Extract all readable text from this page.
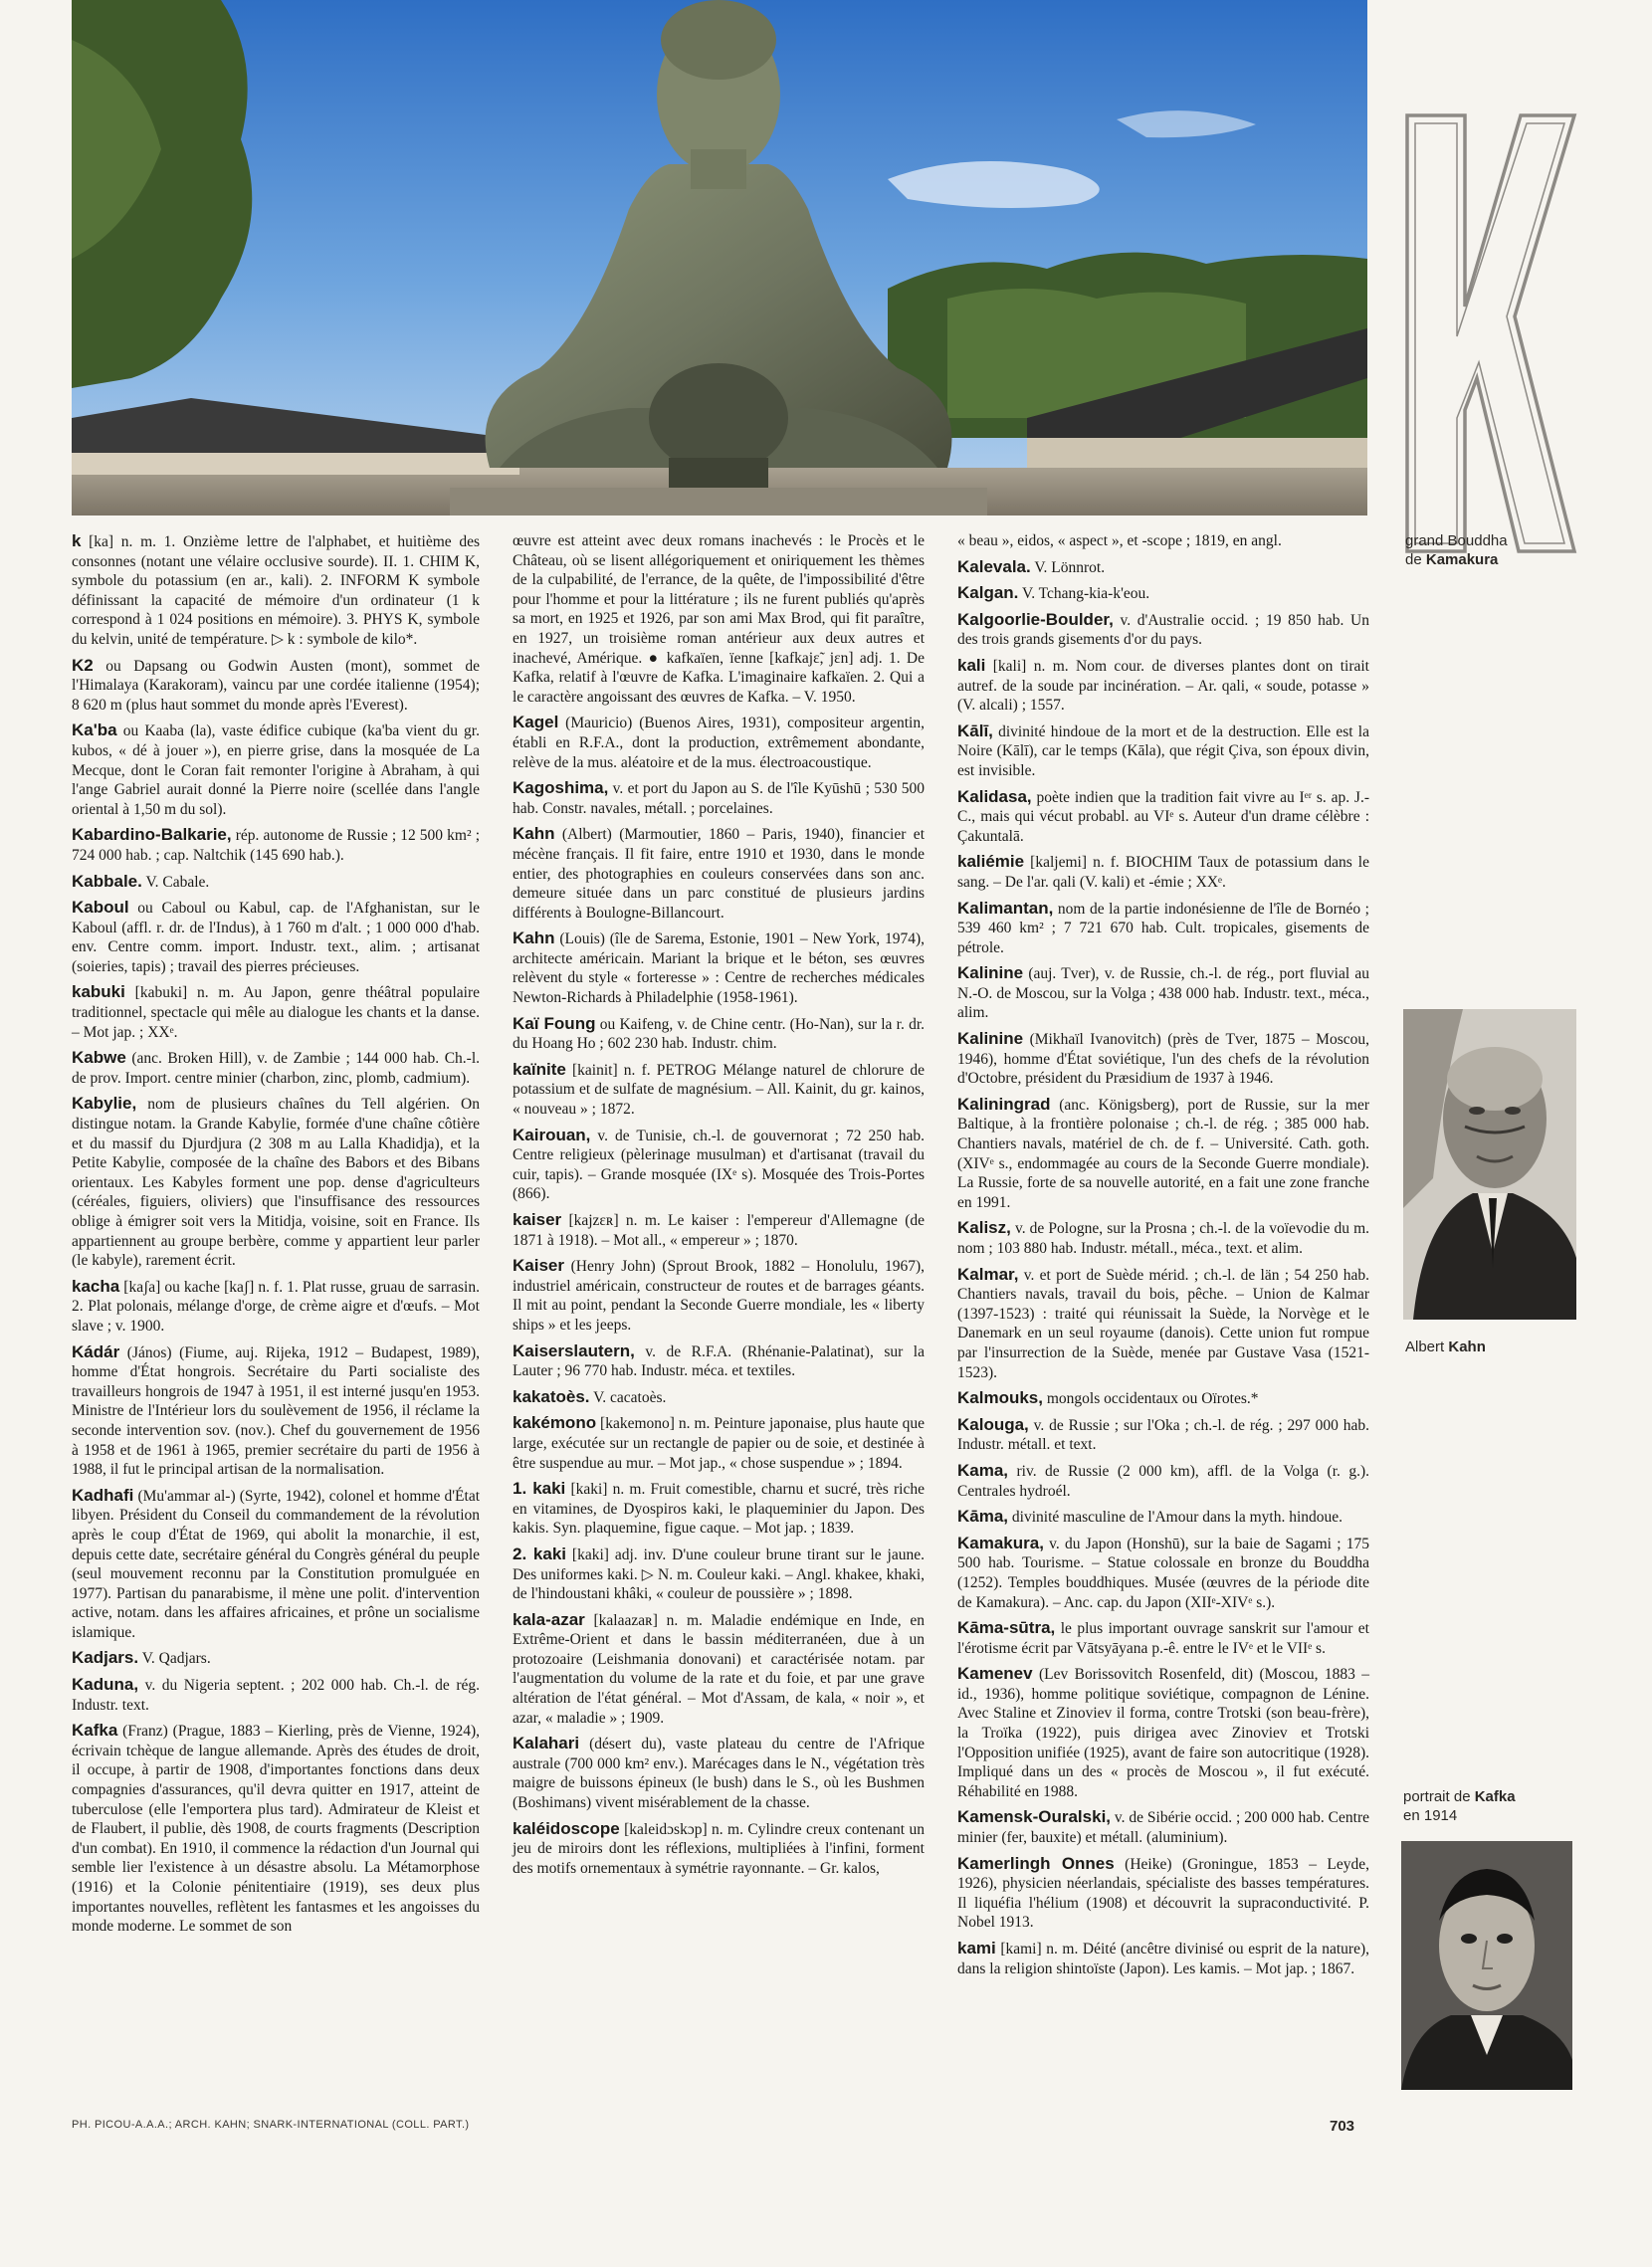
grand Bouddha
de Kamakura
Albert Kahn
portrait de Kafka
en 1914

k [ka] n. m. 1. Onzième lettre de l'alphabet, et huitième des consonnes (notant une vélaire occlusive sourde). II. 1. CHIM K, symbole du potassium (en ar., kali). 2. INFORM K symbole définissant la capacité de mémoire d'un ordinateur (1 k correspond à 1 024 positions en mémoire). 3. PHYS K, symbole du kelvin, unité de température. ▷ k : symbole de kilo*.

K2 ou Dapsang ou Godwin Austen (mont), sommet de l'Himalaya (Karakoram), vaincu par une cordée italienne (1954); 8 620 m (plus haut sommet du monde après l'Everest).

Ka'ba ou Kaaba (la), vaste édifice cubique (ka'ba vient du gr. kubos, « dé à jouer »), en pierre grise, dans la mosquée de La Mecque, dont le Coran fait remonter l'origine à Abraham, à qui l'ange Gabriel aurait donné la Pierre noire (scellée dans l'angle oriental à 1,50 m du sol).

Kabardino-Balkarie, rép. autonome de Russie ; 12 500 km² ; 724 000 hab. ; cap. Naltchik (145 690 hab.).

Kabbale. V. Cabale.

Kaboul ou Caboul ou Kabul, cap. de l'Afghanistan, sur le Kaboul (affl. r. dr. de l'Indus), à 1 760 m d'alt. ; 1 000 000 d'hab. env. Centre comm. import. Industr. text., alim. ; artisanat (soieries, tapis) ; travail des pierres précieuses.

kabuki [kabuki] n. m. Au Japon, genre théâtral populaire traditionnel, spectacle qui mêle au dialogue les chants et la danse. – Mot jap. ; XXᵉ.

Kabwe (anc. Broken Hill), v. de Zambie ; 144 000 hab. Ch.-l. de prov. Import. centre minier (charbon, zinc, plomb, cadmium).

Kabylie, nom de plusieurs chaînes du Tell algérien. On distingue notam. la Grande Kabylie, formée d'une chaîne côtière et du massif du Djurdjura (2 308 m au Lalla Khadidja), et la Petite Kabylie, composée de la chaîne des Babors et des Bibans orientaux. Les Kabyles forment une pop. dense d'agriculteurs (céréales, figuiers, oliviers) que l'insuffisance des ressources oblige à émigrer soit vers la Mitidja, voisine, soit en France. Ils appartiennent au groupe berbère, comme y appartient leur parler (le kabyle), rarement écrit.

kacha [kaʃa] ou kache [kaʃ] n. f. 1. Plat russe, gruau de sarrasin. 2. Plat polonais, mélange d'orge, de crème aigre et d'œufs. – Mot slave ; v. 1900.

Kádár (János) (Fiume, auj. Rijeka, 1912 – Budapest, 1989), homme d'État hongrois. Secrétaire du Parti socialiste des travailleurs hongrois de 1947 à 1951, il est interné jusqu'en 1953. Ministre de l'Intérieur lors du soulèvement de 1956, il réclame la seconde intervention sov. (nov.). Chef du gouvernement de 1956 à 1958 et de 1961 à 1965, premier secrétaire du parti de 1956 à 1988, il fut le principal artisan de la normalisation.

Kadhafi (Mu'ammar al-) (Syrte, 1942), colonel et homme d'État libyen. Président du Conseil du commandement de la révolution après le coup d'État de 1969, qui abolit la monarchie, il est, depuis cette date, secrétaire général du Congrès général du peuple (seul mouvement reconnu par la Constitution promulguée en 1977). Partisan du panarabisme, il mène une polit. d'intervention active, notam. dans les affaires africaines, et prône un socialisme islamique.

Kadjars. V. Qadjars.

Kaduna, v. du Nigeria septent. ; 202 000 hab. Ch.-l. de rég. Industr. text.

Kafka (Franz) (Prague, 1883 – Kierling, près de Vienne, 1924), écrivain tchèque de langue allemande. Après des études de droit, il occupe, à partir de 1908, d'importantes fonctions dans deux compagnies d'assurances, qu'il devra quitter en 1917, atteint de tuberculose (elle l'emportera plus tard). Admirateur de Kleist et de Flaubert, il publie, dès 1908, de courts fragments (Description d'un combat). En 1910, il commence la rédaction d'un Journal qui semble lier l'existence à un désastre absolu. La Métamorphose (1916) et la Colonie pénitentiaire (1919), ses deux plus importantes nouvelles, reflètent les fantasmes et les angoisses du monde moderne. Le sommet de son

œuvre est atteint avec deux romans inachevés : le Procès et le Château, où se lisent allégoriquement et oniriquement les thèmes de la culpabilité, de l'errance, de la quête, de l'impossibilité d'être pour l'homme et pour la littérature ; ils ne furent publiés qu'après sa mort, en 1925 et 1926, par son ami Max Brod, qui fit paraître, en 1927, un troisième roman antérieur aux deux autres et inachevé, Amérique. ● kafkaïen, ïenne [kafkajɛ̃, jɛn] adj. 1. De Kafka, relatif à l'œuvre de Kafka. L'imaginaire kafkaïen. 2. Qui a le caractère angoissant des œuvres de Kafka. – V. 1950.

Kagel (Mauricio) (Buenos Aires, 1931), compositeur argentin, établi en R.F.A., dont la production, extrêmement abondante, relève de la mus. aléatoire et de la mus. électroacoustique.

Kagoshima, v. et port du Japon au S. de l'île Kyūshū ; 530 500 hab. Constr. navales, métall. ; porcelaines.

Kahn (Albert) (Marmoutier, 1860 – Paris, 1940), financier et mécène français. Il fit faire, entre 1910 et 1930, dans le monde entier, des photographies en couleurs conservées dans son anc. demeure située dans un parc constitué de plusieurs jardins différents à Boulogne-Billancourt.

Kahn (Louis) (île de Sarema, Estonie, 1901 – New York, 1974), architecte américain. Mariant la brique et le béton, ses œuvres relèvent du style « forteresse » : Centre de recherches médicales Newton-Richards à Philadelphie (1958-1961).

Kaï Foung ou Kaifeng, v. de Chine centr. (Ho-Nan), sur la r. dr. du Hoang Ho ; 602 230 hab. Industr. chim.

kaïnite [kainit] n. f. PETROG Mélange naturel de chlorure de potassium et de sulfate de magnésium. – All. Kainit, du gr. kainos, « nouveau » ; 1872.

Kairouan, v. de Tunisie, ch.-l. de gouvernorat ; 72 250 hab. Centre religieux (pèlerinage musulman) et d'artisanat (travail du cuir, tapis). – Grande mosquée (IXᵉ s). Mosquée des Trois-Portes (866).

kaiser [kajzɛʀ] n. m. Le kaiser : l'empereur d'Allemagne (de 1871 à 1918). – Mot all., « empereur » ; 1870.

Kaiser (Henry John) (Sprout Brook, 1882 – Honolulu, 1967), industriel américain, constructeur de routes et de barrages géants. Il mit au point, pendant la Seconde Guerre mondiale, les « liberty ships » et les jeeps.

Kaiserslautern, v. de R.F.A. (Rhénanie-Palatinat), sur la Lauter ; 96 770 hab. Industr. méca. et textiles.

kakatoès. V. cacatoès.

kakémono [kakemono] n. m. Peinture japonaise, plus haute que large, exécutée sur un rectangle de papier ou de soie, et destinée à être suspendue au mur. – Mot jap., « chose suspendue » ; 1894.

1. kaki [kaki] n. m. Fruit comestible, charnu et sucré, très riche en vitamines, de Dyospiros kaki, le plaqueminier du Japon. Des kakis. Syn. plaquemine, figue caque. – Mot jap. ; 1839.

2. kaki [kaki] adj. inv. D'une couleur brune tirant sur le jaune. Des uniformes kaki. ▷ N. m. Couleur kaki. – Angl. khakee, khaki, de l'hindoustani khâki, « couleur de poussière » ; 1898.

kala-azar [kalaazaʀ] n. m. Maladie endémique en Inde, en Extrême-Orient et dans le bassin méditerranéen, due à un protozoaire (Leishmania donovani) et caractérisée notam. par l'augmentation du volume de la rate et du foie, et par une grave altération de l'état général. – Mot d'Assam, de kala, « noir », et azar, « maladie » ; 1909.

Kalahari (désert du), vaste plateau du centre de l'Afrique australe (700 000 km² env.). Marécages dans le N., végétation très maigre de buissons épineux (le bush) dans le S., où les Bushmen (Boshimans) vivent misérablement de la chasse.

kaléidoscope [kaleidɔskɔp] n. m. Cylindre creux contenant un jeu de miroirs dont les réflexions, multipliées à l'infini, forment des motifs ornementaux à symétrie rayonnante. – Gr. kalos,

« beau », eidos, « aspect », et -scope ; 1819, en angl.

Kalevala. V. Lönnrot.

Kalgan. V. Tchang-kia-k'eou.

Kalgoorlie-Boulder, v. d'Australie occid. ; 19 850 hab. Un des trois grands gisements d'or du pays.

kali [kali] n. m. Nom cour. de diverses plantes dont on tirait autref. de la soude par incinération. – Ar. qali, « soude, potasse » (V. alcali) ; 1557.

Kālī, divinité hindoue de la mort et de la destruction. Elle est la Noire (Kālī), car le temps (Kāla), que régit Çiva, son époux divin, est invisible.

Kalidasa, poète indien que la tradition fait vivre au Iᵉʳ s. ap. J.-C., mais qui vécut probabl. au VIᵉ s. Auteur d'un drame célèbre : Çakuntalā.

kaliémie [kaljemi] n. f. BIOCHIM Taux de potassium dans le sang. – De l'ar. qali (V. kali) et -émie ; XXᵉ.

Kalimantan, nom de la partie indonésienne de l'île de Bornéo ; 539 460 km² ; 7 721 670 hab. Cult. tropicales, gisements de pétrole.

Kalinine (auj. Tver), v. de Russie, ch.-l. de rég., port fluvial au N.-O. de Moscou, sur la Volga ; 438 000 hab. Industr. text., méca., alim.

Kalinine (Mikhaïl Ivanovitch) (près de Tver, 1875 – Moscou, 1946), homme d'État soviétique, l'un des chefs de la révolution d'Octobre, président du Præsidium de 1937 à 1946.

Kaliningrad (anc. Königsberg), port de Russie, sur la mer Baltique, à la frontière polonaise ; ch.-l. de rég. ; 385 000 hab. Chantiers navals, matériel de ch. de f. – Université. Cath. goth. (XIVᵉ s., endommagée au cours de la Seconde Guerre mondiale). La Russie, forte de sa nouvelle autorité, en a fait une zone franche en 1991.

Kalisz, v. de Pologne, sur la Prosna ; ch.-l. de la voïevodie du m. nom ; 103 880 hab. Industr. métall., méca., text. et alim.

Kalmar, v. et port de Suède mérid. ; ch.-l. de län ; 54 250 hab. Chantiers navals, travail du bois, pêche. – Union de Kalmar (1397-1523) : traité qui réunissait la Suède, la Norvège et le Danemark en un seul royaume (danois). Cette union fut rompue par l'insurrection de la Suède, menée par Gustave Vasa (1521-1523).

Kalmouks, mongols occidentaux ou Oïrotes.*

Kalouga, v. de Russie ; sur l'Oka ; ch.-l. de rég. ; 297 000 hab. Industr. métall. et text.

Kama, riv. de Russie (2 000 km), affl. de la Volga (r. g.). Centrales hydroél.

Kāma, divinité masculine de l'Amour dans la myth. hindoue.

Kamakura, v. du Japon (Honshū), sur la baie de Sagami ; 175 500 hab. Tourisme. – Statue colossale en bronze du Bouddha (1252). Temples bouddhiques. Musée (œuvres de la période dite de Kamakura). – Anc. cap. du Japon (XIIᵉ-XIVᵉ s.).

Kāma-sūtra, le plus important ouvrage sanskrit sur l'amour et l'érotisme écrit par Vātsyāyana p.-ê. entre le IVᵉ et le VIIᵉ s.

Kamenev (Lev Borissovitch Rosenfeld, dit) (Moscou, 1883 – id., 1936), homme politique soviétique, compagnon de Lénine. Avec Staline et Zinoviev il forma, contre Trotski (son beau-frère), la Troïka (1922), puis dirigea avec Zinoviev et Trotski l'Opposition unifiée (1925), avant de faire son autocritique (1928). Impliqué dans un des « procès de Moscou », il fut exécuté. Réhabilité en 1988.

Kamensk-Ouralski, v. de Sibérie occid. ; 200 000 hab. Centre minier (fer, bauxite) et métall. (aluminium).

Kamerlingh Onnes (Heike) (Groningue, 1853 – Leyde, 1926), physicien néerlandais, spécialiste des basses températures. Il liquéfia l'hélium (1908) et découvrit la supraconductivité. P. Nobel 1913.

kami [kami] n. m. Déité (ancêtre divinisé ou esprit de la nature), dans la religion shintoïste (Japon). Les kamis. – Mot jap. ; 1867.

PH. PICOU-A.A.A.; ARCH. KAHN; SNARK-INTERNATIONAL (COLL. PART.)	703
